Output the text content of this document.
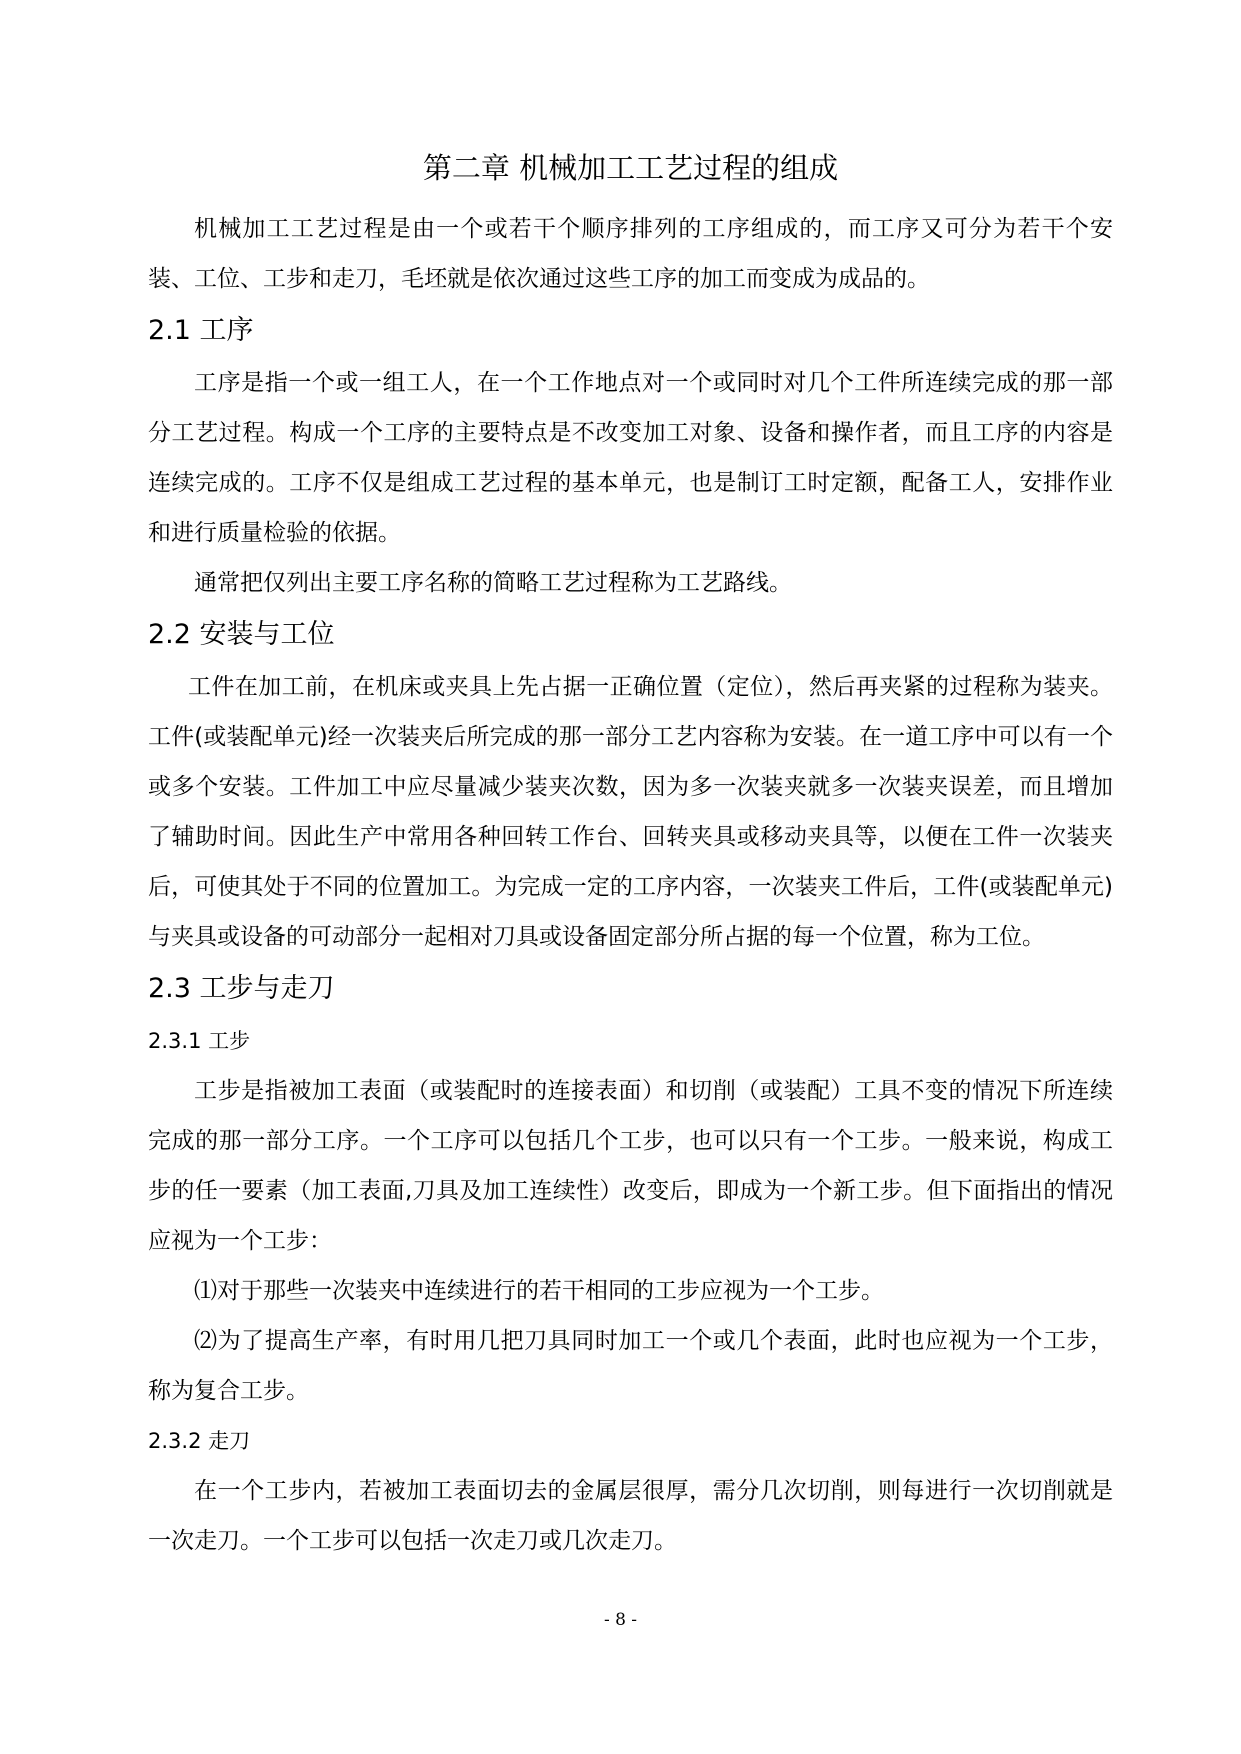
第二章 机械加工工艺过程的组成

机械加工工艺过程是由一个或若干个顺序排列的工序组成的，而工序又可分为若干个安装、工位、工步和走刀，毛坯就是依次通过这些工序的加工而变成为成品的。

2.1 工序

工序是指一个或一组工人，在一个工作地点对一个或同时对几个工件所连续完成的那一部分工艺过程。构成一个工序的主要特点是不改变加工对象、设备和操作者，而且工序的内容是连续完成的。工序不仅是组成工艺过程的基本单元，也是制订工时定额，配备工人，安排作业和进行质量检验的依据。

通常把仅列出主要工序名称的简略工艺过程称为工艺路线。

2.2 安装与工位

工件在加工前，在机床或夹具上先占据一正确位置（定位），然后再夹紧的过程称为装夹。工件(或装配单元)经一次装夹后所完成的那一部分工艺内容称为安装。在一道工序中可以有一个或多个安装。工件加工中应尽量减少装夹次数，因为多一次装夹就多一次装夹误差，而且增加了辅助时间。因此生产中常用各种回转工作台、回转夹具或移动夹具等，以便在工件一次装夹后，可使其处于不同的位置加工。为完成一定的工序内容，一次装夹工件后，工件(或装配单元)与夹具或设备的可动部分一起相对刀具或设备固定部分所占据的每一个位置，称为工位。

2.3 工步与走刀
2.3.1 工步

工步是指被加工表面（或装配时的连接表面）和切削（或装配）工具不变的情况下所连续完成的那一部分工序。一个工序可以包括几个工步，也可以只有一个工步。一般来说，构成工步的任一要素（加工表面,刀具及加工连续性）改变后，即成为一个新工步。但下面指出的情况应视为一个工步：

⑴对于那些一次装夹中连续进行的若干相同的工步应视为一个工步。

⑵为了提高生产率，有时用几把刀具同时加工一个或几个表面，此时也应视为一个工步，称为复合工步。

2.3.2 走刀

在一个工步内，若被加工表面切去的金属层很厚，需分几次切削，则每进行一次切削就是一次走刀。一个工步可以包括一次走刀或几次走刀。

- 8 -
